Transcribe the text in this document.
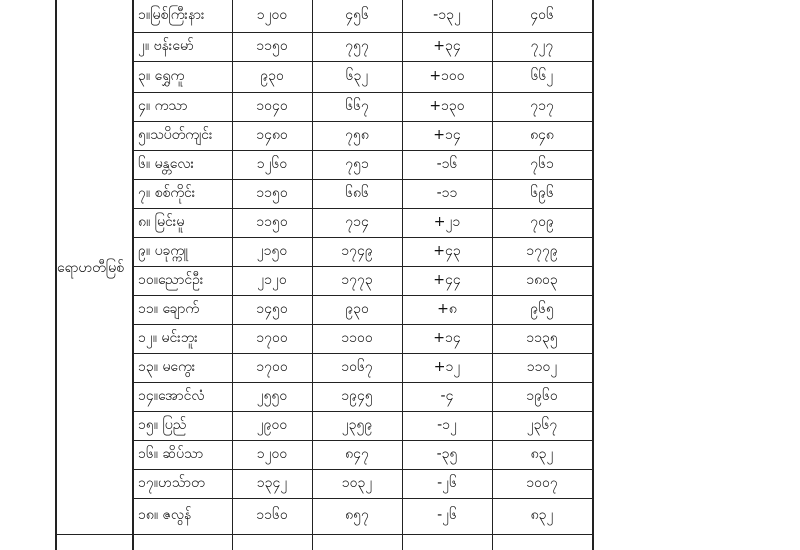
ရောဟတီမြစ်
၁။မြစ်ကြီးနား	၁၂၀၀	၄၅၆	-၁၃၂	၄၀၆
၂။ ဗန်းမော်	၁၁၅၀	၇၅၇	+၃၄	၇၂၇
၃။ ရွှေကူ	၉၃၀	၆၃၂	+၁၀၀	၆၆၂
၄။ ကသာ	၁၀၄၀	၆၆၇	+၁၃၀	၇၁၇
၅။သပိတ်ကျင်း	၁၄၈၀	၇၅၈	+၁၄	၈၄၈
၆။ မန္တလေး	၁၂၆၀	၇၅၁	-၁၆	၇၆၁
၇။ စစ်ကိုင်း	၁၁၅၀	၆၈၆	-၁၁	၆၉၆
၈။ မြင်းမူ	၁၁၅၀	၇၁၄	+၂၁	၇၀၉
၉။ ပခုက္ကူ	၂၁၅၀	၁၇၄၉	+၄၃	၁၇၇၉
၁၀။ညောင်ဦး	၂၁၂၀	၁၇၇၃	+၄၄	၁၈၀၃
၁၁။ ချောက်	၁၄၅၀	၉၃၀	+၈	၉၆၅
၁၂။ မင်းဘူး	၁၇၀၀	၁၁၀၀	+၁၄	၁၁၃၅
၁၃။ မကွေး	၁၇၀၀	၁၀၆၇	+၁၂	၁၁၀၂
၁၄။အောင်လံ	၂၅၅၀	၁၉၄၅	-၄	၁၉၆၀
၁၅။ ပြည်	၂၉၀၀	၂၃၅၉	-၁၂	၂၃၆၇
၁၆။ ဆိပ်သာ	၁၂၀၀	၈၄၇	-၃၅	၈၃၂
၁၇။ဟသ်ာတ	၁၃၄၂	၁၀၃၂	-၂၆	၁၀၀၇
၁၈။ ဇလွန်	၁၁၆၀	၈၅၇	-၂၆	၈၃၂
